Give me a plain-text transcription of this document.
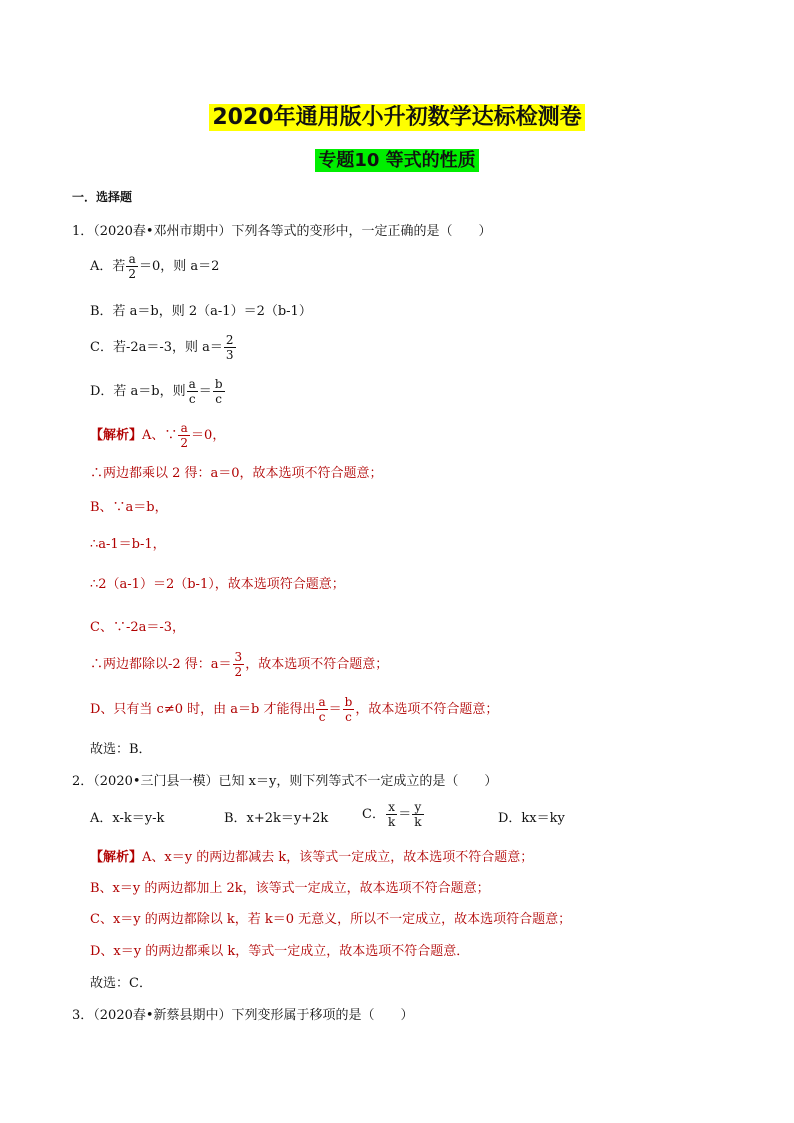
2020年通用版小升初数学达标检测卷
专题10 等式的性质
一．选择题
1．（2020春•邓州市期中）下列各等式的变形中，一定正确的是（　　）
A．若 $\frac{a}{2} =0$，则 a＝2
B．若 a＝b，则 2（a-1）＝2（b-1）
C．若-2a＝-3，则 $a= \frac{2}{3}$
D．若 a＝b，则 $\frac{a}{c} = \frac{b}{c}$
【解析】A、∵ $\frac{a}{2} =0$，
∴两边都乘以 2 得：a＝0，故本选项不符合题意；
B、∵a＝b，
∴a-1＝b-1，
∴2（a-1）＝2（b-1），故本选项符合题意；
C、∵-2a＝-3，
∴两边都除以-2 得：$a= \frac{3}{2}$ ，故本选项不符合题意；
D、只有当 c≠0 时，由 a＝b 才能得出 $\frac{a}{c} = \frac{b}{c}$ ，故本选项不符合题意；
故选：B．
2．（2020•三门县一模）已知 x＝y，则下列等式不一定成立的是（　　）
A．x-k＝y-k	B．x+2k＝y+2k	C． $\frac{x}{k} = \frac{y}{k}$	D．kx＝ky
【解析】A、x＝y 的两边都减去 k，该等式一定成立，故本选项不符合题意；
B、x＝y 的两边都加上 2k，该等式一定成立，故本选项不符合题意；
C、x＝y 的两边都除以 k，若 k＝0 无意义，所以不一定成立，故本选项符合题意；
D、x＝y 的两边都乘以 k，等式一定成立，故本选项不符合题意．
故选：C．
3．（2020春•新蔡县期中）下列变形属于移项的是（　　）
